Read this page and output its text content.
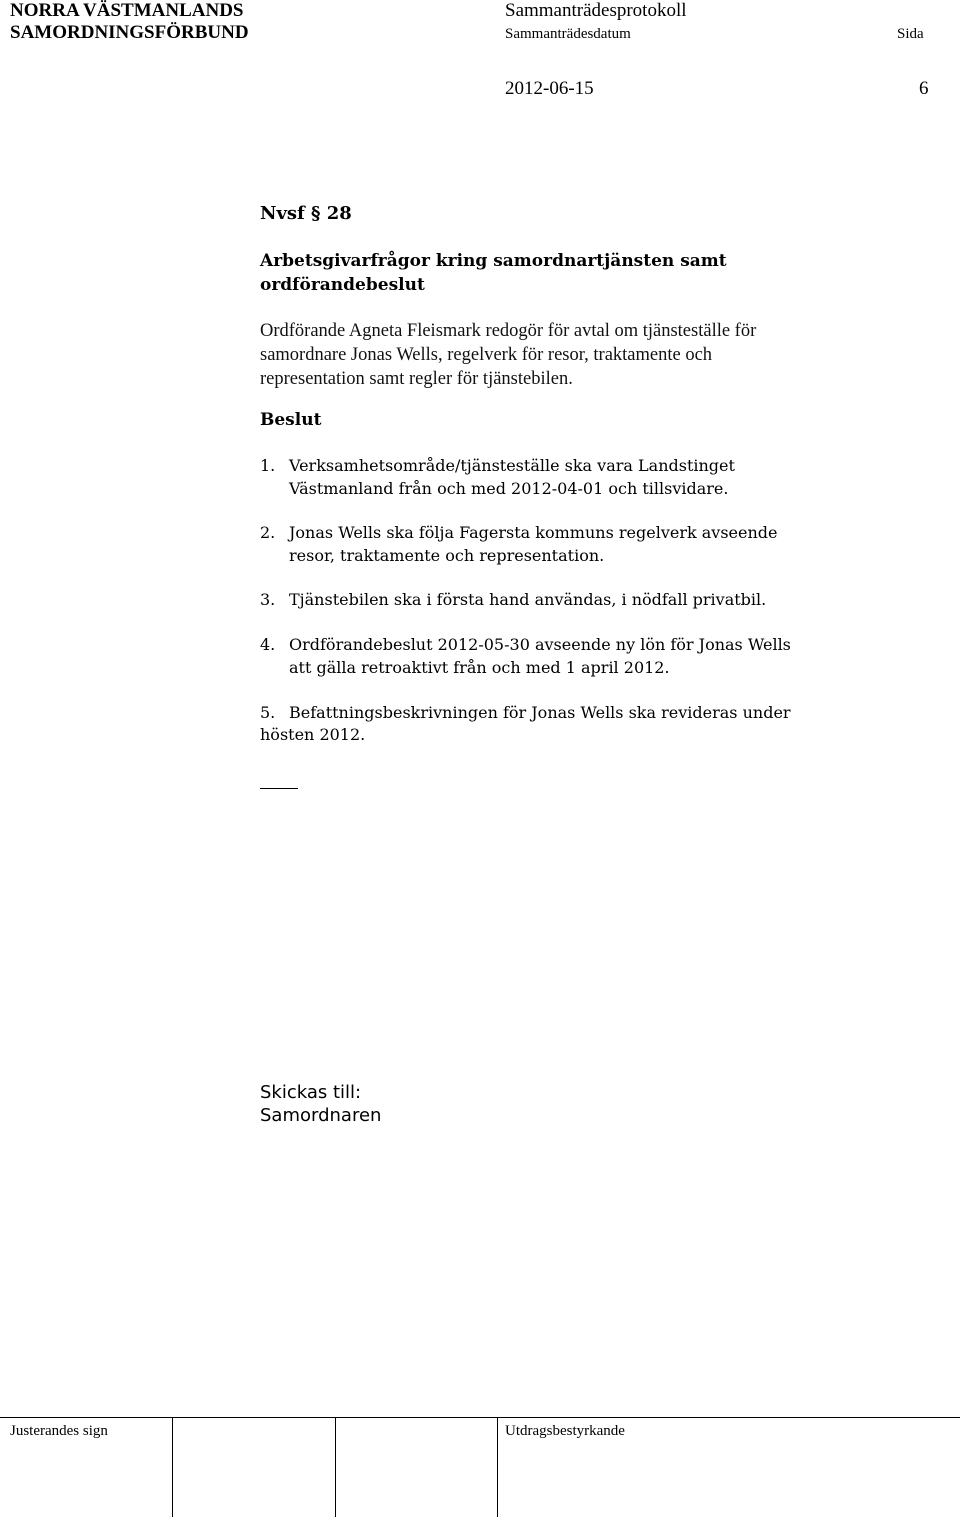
NORRA VÄSTMANLANDS
SAMORDNINGSFÖRBUND
Sammanträdesprotokoll
Sammanträdesdatum	Sida
2012-06-15	6
Nvsf § 28
Arbetsgivarfrågor kring samordnartjänsten samt
ordförandebeslut
Ordförande Agneta Fleismark redogör för avtal om tjänsteställe för
samordnare Jonas Wells, regelverk för resor, traktamente och
representation samt regler för tjänstebilen.
Beslut
1. Verksamhetsområde/tjänsteställe ska vara Landstinget
Västmanland från och med 2012-04-01 och tillsvidare.
2. Jonas Wells ska följa Fagersta kommuns regelverk avseende
resor, traktamente och representation.
3. Tjänstebilen ska i första hand användas, i nödfall privatbil.
4. Ordförandebeslut 2012-05-30 avseende ny lön för Jonas Wells
att gälla retroaktivt från och med 1 april 2012.
5. Befattningsbeskrivningen för Jonas Wells ska revideras under
hösten 2012.
Skickas till:
Samordnaren
Justerandes sign	Utdragsbestyrkande
